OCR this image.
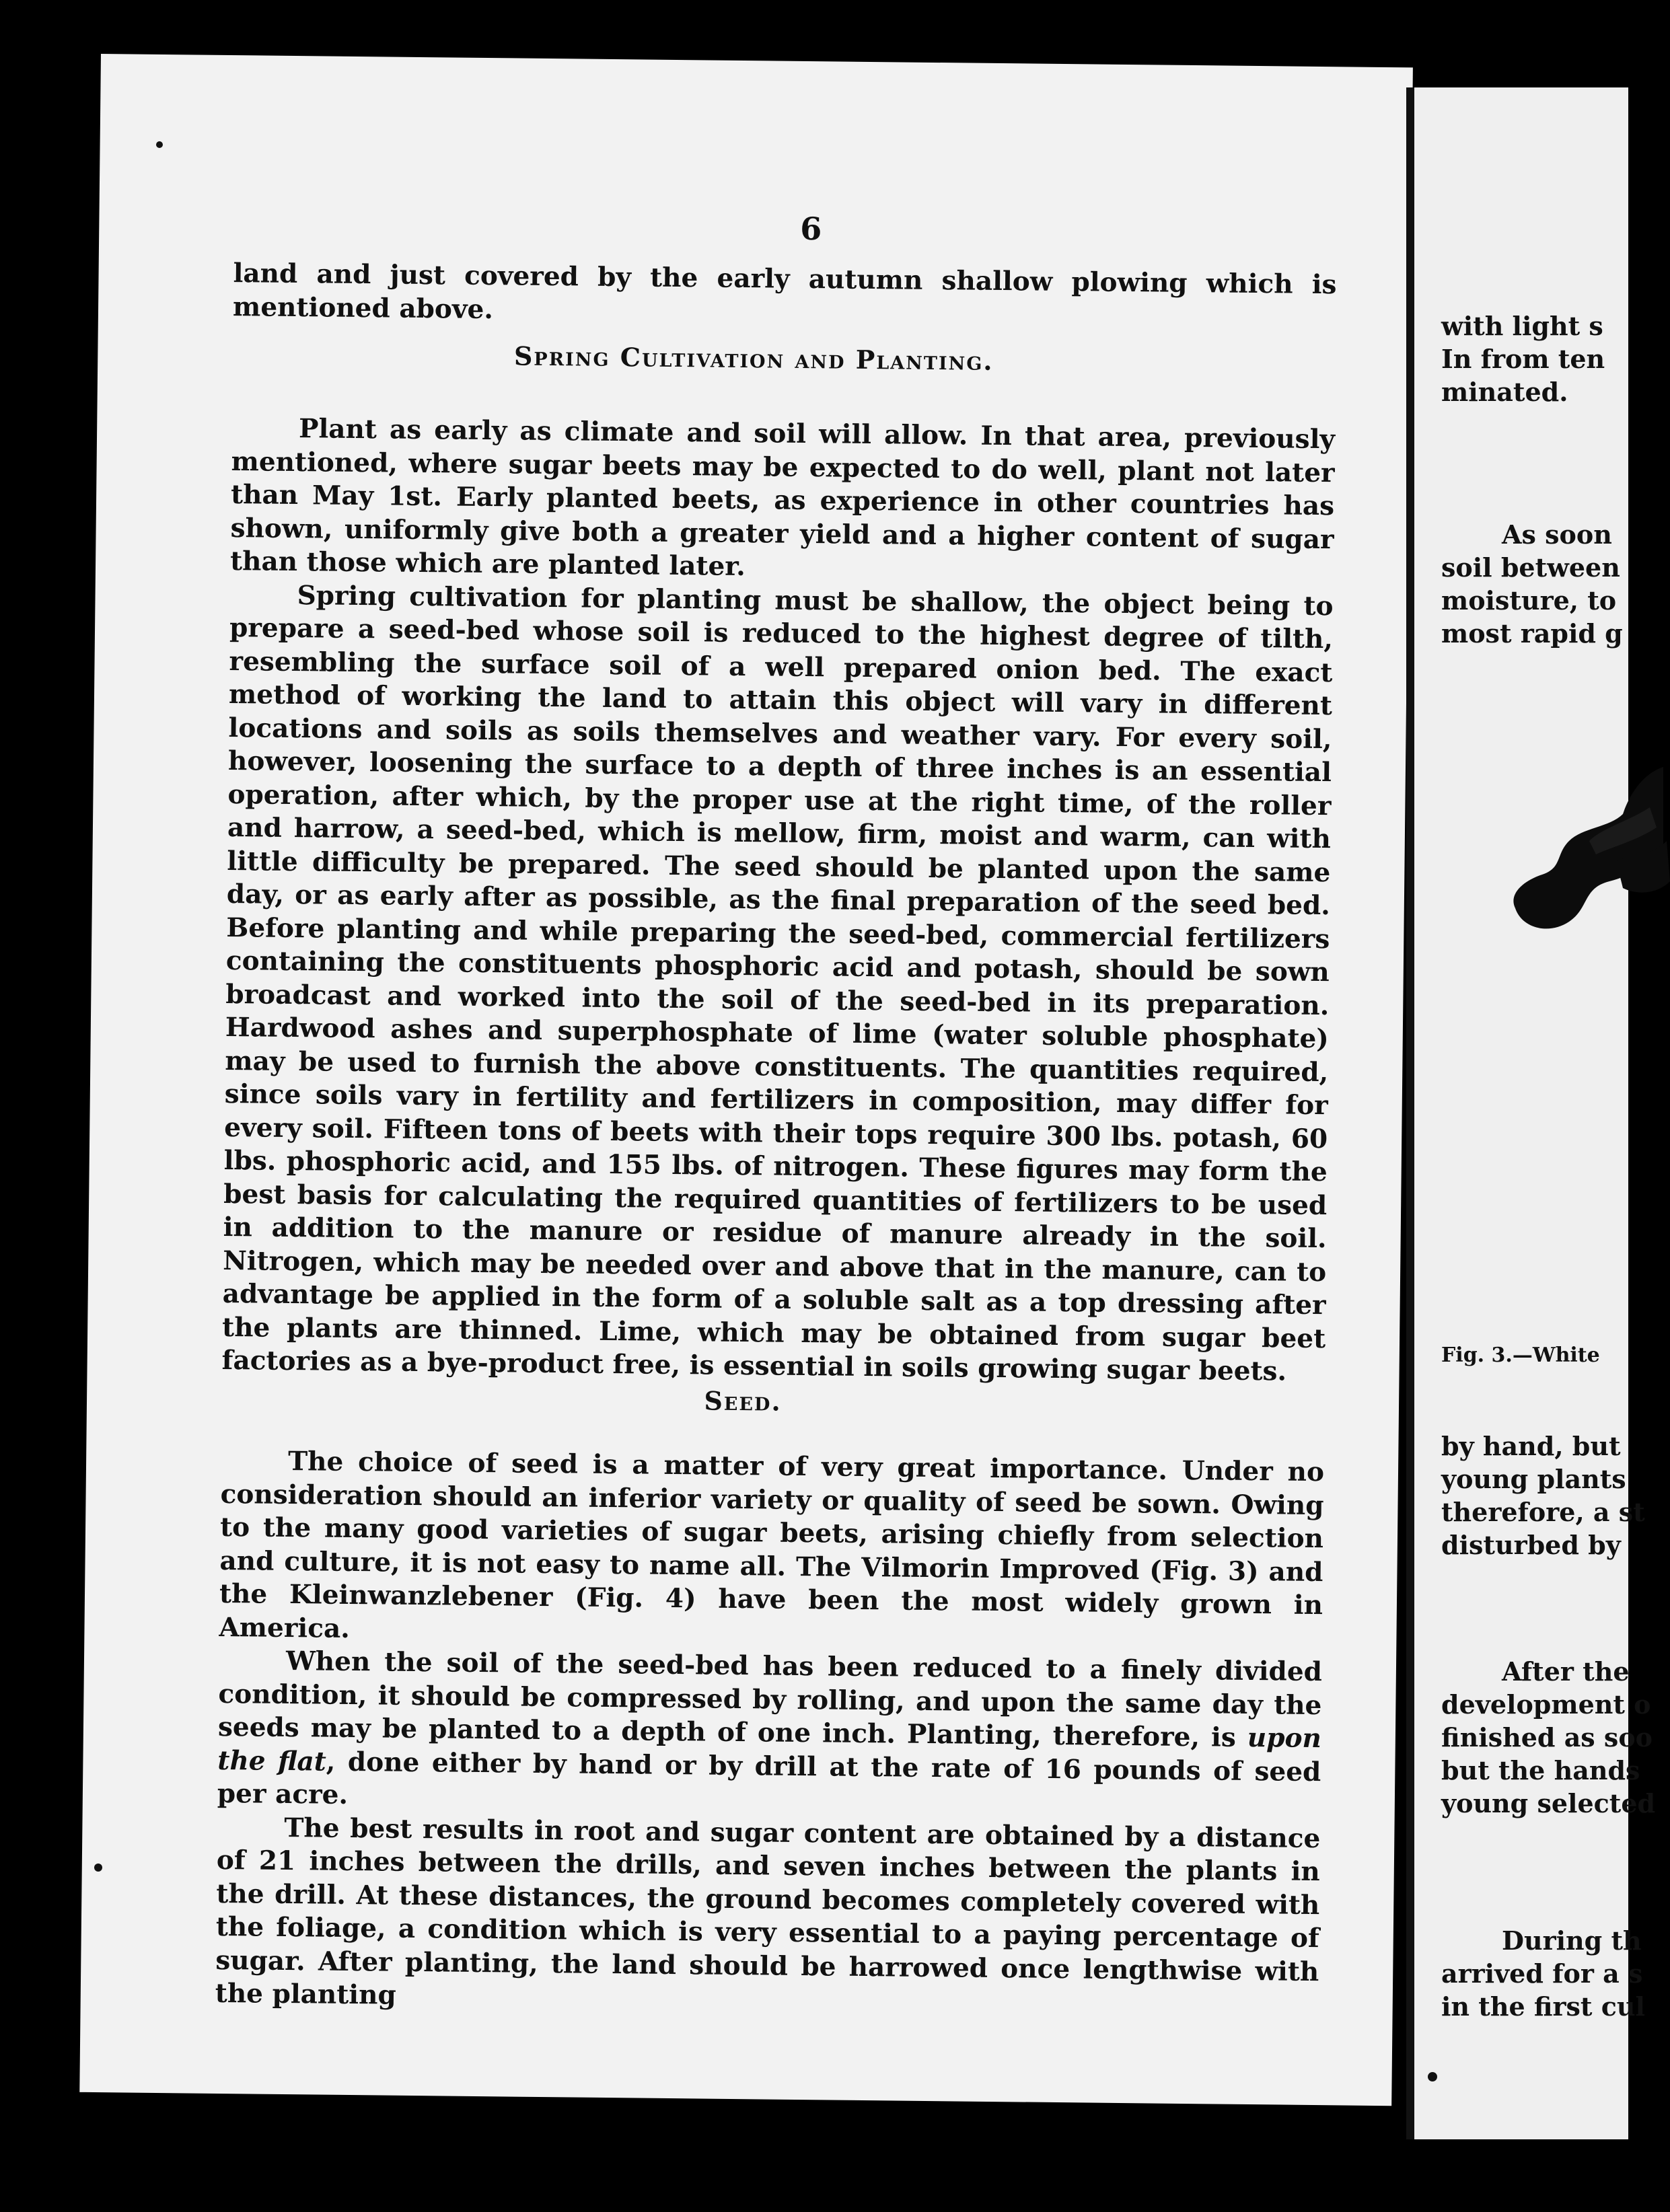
6

land and just covered by the early autumn shallow plowing which is mentioned above.

Spring Cultivation and Planting.

Plant as early as climate and soil will allow. In that area, previously mentioned, where sugar beets may be expected to do well, plant not later than May 1st. Early planted beets, as experience in other countries has shown, uniformly give both a greater yield and a higher content of sugar than those which are planted later.

Spring cultivation for planting must be shallow, the object being to prepare a seed-bed whose soil is reduced to the highest degree of tilth, resembling the surface soil of a well prepared onion bed. The exact method of working the land to attain this object will vary in different locations and soils as soils themselves and weather vary. For every soil, however, loosening the surface to a depth of three inches is an essential operation, after which, by the proper use at the right time, of the roller and harrow, a seed-bed, which is mellow, firm, moist and warm, can with little difficulty be prepared. The seed should be planted upon the same day, or as early after as possible, as the final preparation of the seed bed. Before planting and while preparing the seed-bed, commercial fertilizers containing the constituents phosphoric acid and potash, should be sown broadcast and worked into the soil of the seed-bed in its preparation. Hardwood ashes and superphosphate of lime (water soluble phosphate) may be used to furnish the above constituents. The quantities required, since soils vary in fertility and fertilizers in composition, may differ for every soil. Fifteen tons of beets with their tops require 300 lbs. potash, 60 lbs. phosphoric acid, and 155 lbs. of nitrogen. These figures may form the best basis for calculating the required quantities of fertilizers to be used in addition to the manure or residue of manure already in the soil. Nitrogen, which may be needed over and above that in the manure, can to advantage be applied in the form of a soluble salt as a top dressing after the plants are thinned. Lime, which may be obtained from sugar beet factories as a bye-product free, is essential in soils growing sugar beets.

Seed.

The choice of seed is a matter of very great importance. Under no consideration should an inferior variety or quality of seed be sown. Owing to the many good varieties of sugar beets, arising chiefly from selection and culture, it is not easy to name all. The Vilmorin Improved (Fig. 3) and the Kleinwanzlebener (Fig. 4) have been the most widely grown in America.

When the soil of the seed-bed has been reduced to a finely divided condition, it should be compressed by rolling, and upon the same day the seeds may be planted to a depth of one inch. Planting, therefore, is upon the flat, done either by hand or by drill at the rate of 16 pounds of seed per acre.

The best results in root and sugar content are obtained by a distance of 21 inches between the drills, and seven inches between the plants in the drill. At these distances, the ground becomes completely covered with the foliage, a condition which is very essential to a paying percentage of sugar. After planting, the land should be harrowed once lengthwise with the planting

with light s
In from ten
minated.
As soon
soil between
moisture, to
most rapid g
Fig. 3.—White
by hand, but
young plants
therefore, a st
disturbed by
After the
development o
finished as soo
but the hands
young selected
During th
arrived for a s
in the first cul
